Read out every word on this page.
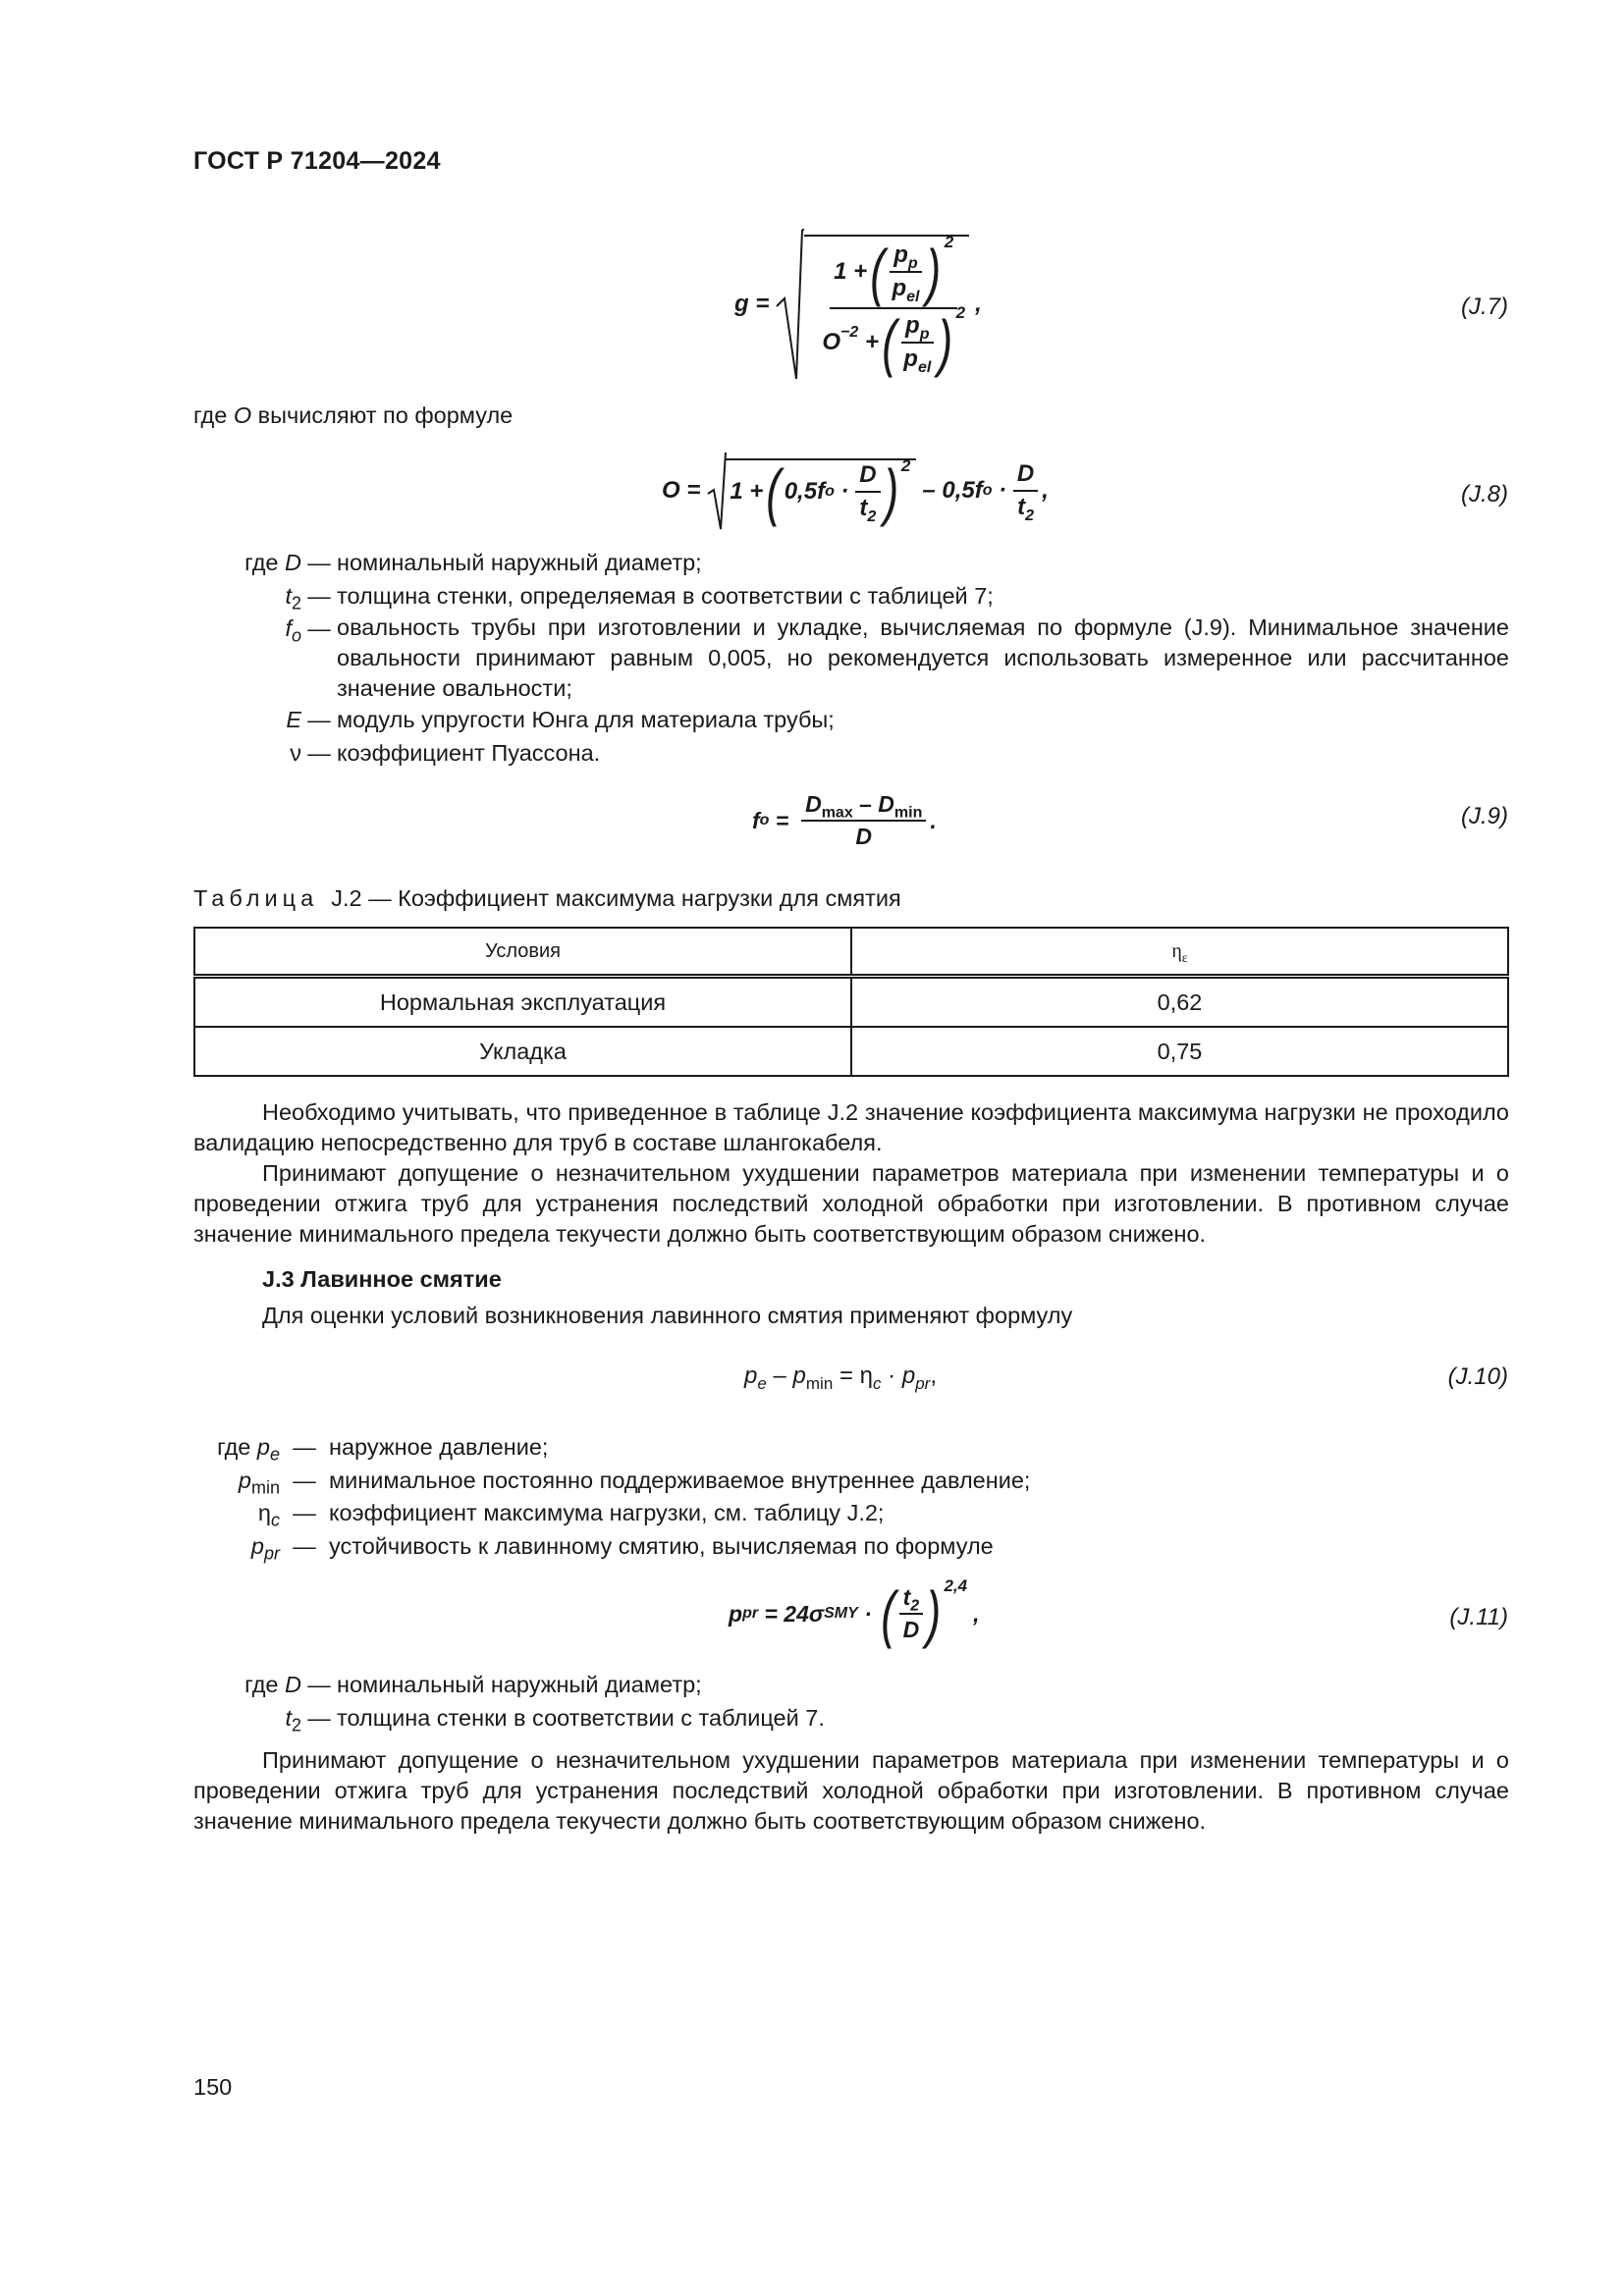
ГОСТ Р 71204—2024
g = 1 + ( $\frac{p_p}{p_{el}} )^2$
$O^{-2}$
+ ( $\frac{p_p}{p_{el}} )^2$ ,	(J.7)
где O вычисляют по формуле
O = 1 + ( 0,5 f o
·
$\frac{D}{t_2} )^2$
– 0,5 f o
·
$\frac{D}{t_2}$ ,	(J.8)
где D — номинальный наружный диаметр;
$t_2$ — толщина стенки, определяемая в соответствии с таблицей 7;
$f_o$ — овальность трубы при изготовлении и укладке, вычисляемая по формуле (J.9). Минимальное значение овальности принимают равным 0,005, но рекомендуется использовать измеренное или рассчитанное значение овальности;
E — модуль упругости Юнга для материала трубы;
ν — коэффициент Пуассона.
f o
=
$\frac{D_{max} - D_{min}}{D}$ .	(J.9)
Таблица J.2 — Коэффициент максимума нагрузки для смятия
Условия	$\eta_\varepsilon$
Нормальная эксплуатация	0,62
Укладка	0,75

Необходимо учитывать, что приведенное в таблице J.2 значение коэффициента максимума нагрузки не проходило валидацию непосредственно для труб в составе шлангокабеля.

Принимают допущение о незначительном ухудшении параметров материала при изменении температуры и о проведении отжига труб для устранения последствий холодной обработки при изготовлении. В противном случае значение минимального предела текучести должно быть соответствующим образом снижено.

J.3 Лавинное смятие
Для оценки условий возникновения лавинного смятия применяют формулу
$p_e - p_{min} = \eta_c \cdot p_{pr}$,	(J.10)
где $p_e$ — наружное давление;
$p_{min}$ — минимальное постоянно поддерживаемое внутреннее давление;
$\eta_c$ — коэффициент максимума нагрузки, см. таблицу J.2;
$p_{pr}$ — устойчивость к лавинному смятию, вычисляемая по формуле
p pr
= 24σ SMY
·
( $\frac{t_2}{D} )^{2,4}$
,	(J.11)
где D — номинальный наружный диаметр;
$t_2$ — толщина стенки в соответствии с таблицей 7.

Принимают допущение о незначительном ухудшении параметров материала при изменении температуры и о проведении отжига труб для устранения последствий холодной обработки при изготовлении. В противном случае значение минимального предела текучести должно быть соответствующим образом снижено.

150
